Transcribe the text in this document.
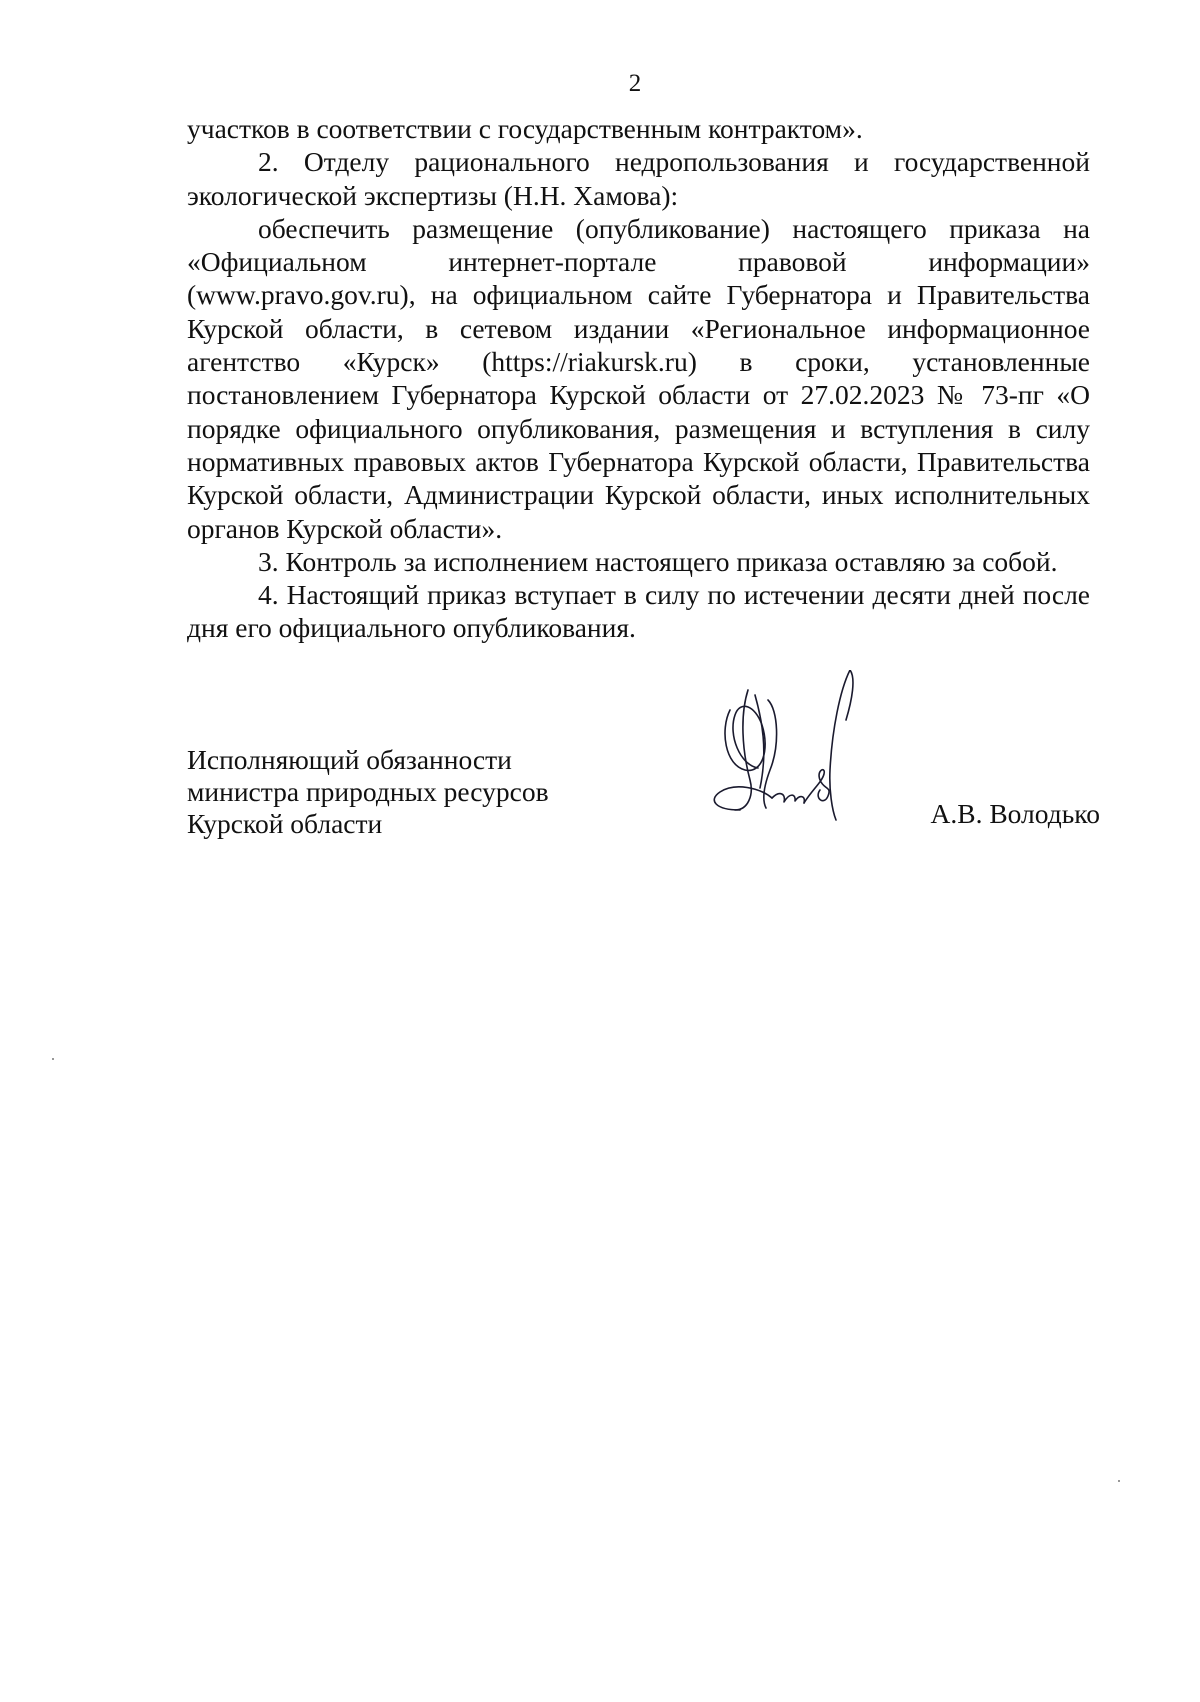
2

участков в соответствии с государственным контрактом».

2. Отделу рационального недропользования и государственной экологической экспертизы (Н.Н. Хамова):

обеспечить размещение (опубликование) настоящего приказа на «Официальном интернет-портале правовой информации» (www.pravo.gov.ru), на официальном сайте Губернатора и Правительства Курской области, в сетевом издании «Региональное информационное агентство «Курск» (https://riakursk.ru) в сроки, установленные постановлением Губернатора Курской области от 27.02.2023 № 73-пг «О порядке официального опубликования, размещения и вступления в силу нормативных правовых актов Губернатора Курской области, Правительства Курской области, Администрации Курской области, иных исполнительных органов Курской области».

3. Контроль за исполнением настоящего приказа оставляю за собой.

4. Настоящий приказ вступает в силу по истечении десяти дней после дня его официального опубликования.

Исполняющий обязанности
министра природных ресурсов
Курской области	А.В. Володько
